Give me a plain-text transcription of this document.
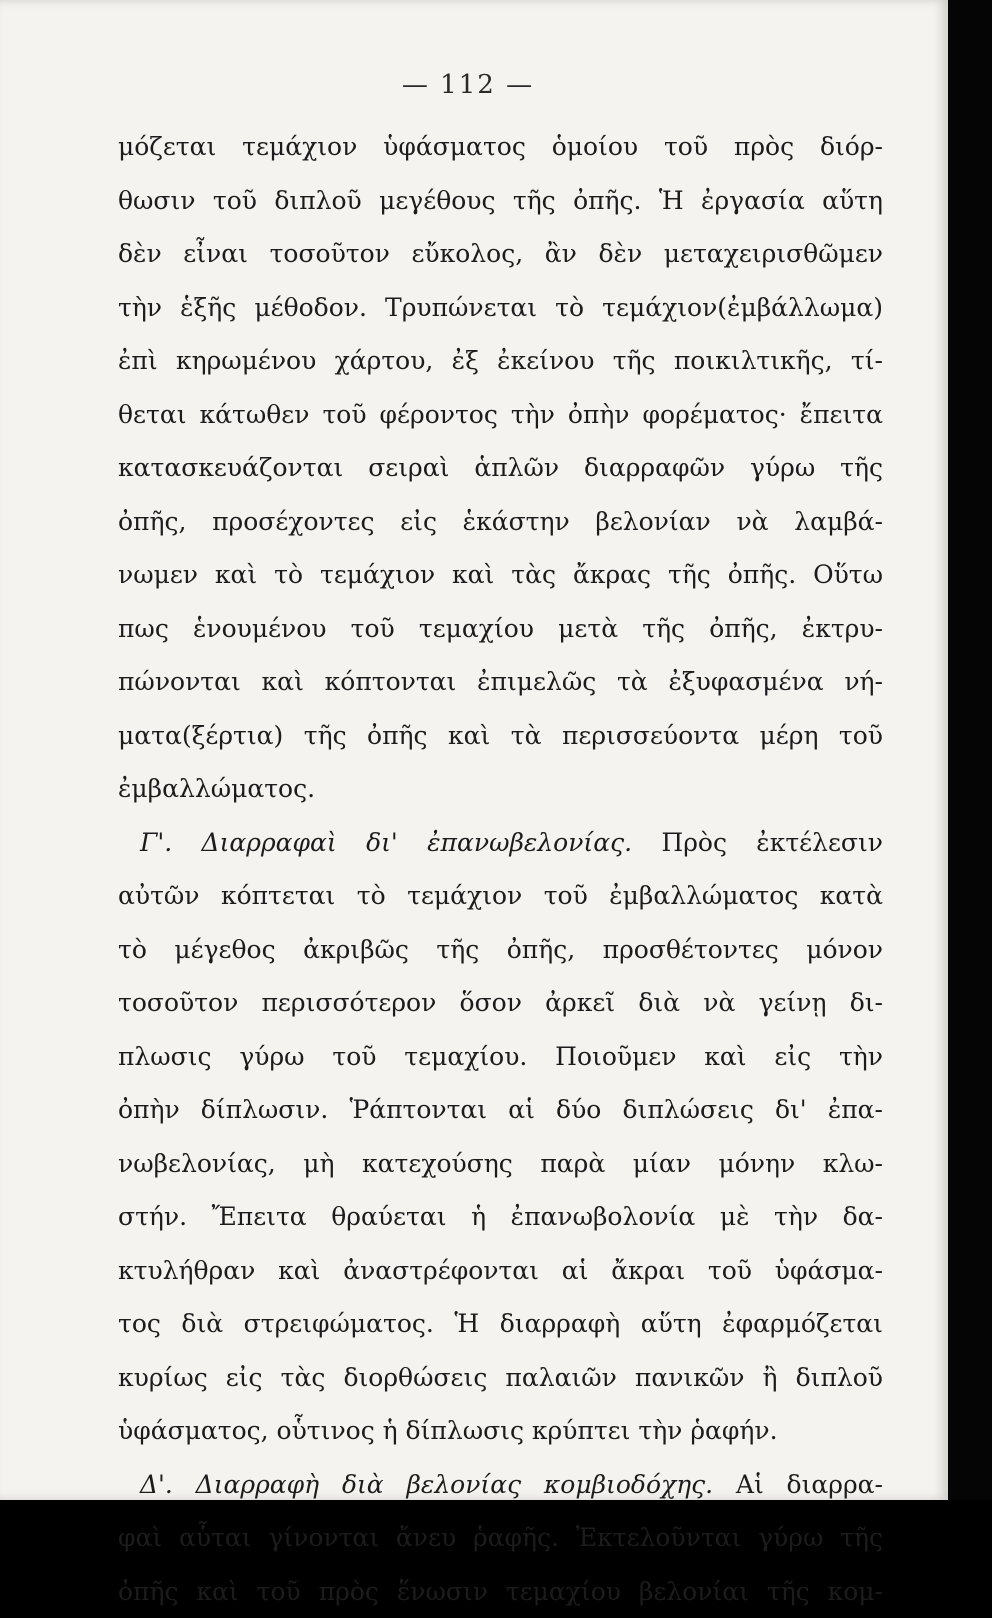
— 112 —
μόζεται τεμάχιον ὑφάσματος ὁμοίου τοῦ πρὸς διόρ-
θωσιν τοῦ διπλοῦ μεγέθους τῆς ὀπῆς. Ἡ ἐργασία αὕτη
δὲν εἶναι τοσοῦτον εὔκολος, ἂν δὲν μεταχειρισθῶμεν
τὴν ἑξῆς μέθοδον. Τρυπώνεται τὸ τεμάχιον(ἐμβάλλωμα)
ἐπὶ κηρωμένου χάρτου, ἐξ ἐκείνου τῆς ποικιλτικῆς, τί-
θεται κάτωθεν τοῦ φέροντος τὴν ὀπὴν φορέματος· ἔπειτα
κατασκευάζονται σειραὶ ἁπλῶν διαρραφῶν γύρω τῆς
ὀπῆς, προσέχοντες εἰς ἑκάστην βελονίαν νὰ λαμβά-
νωμεν καὶ τὸ τεμάχιον καὶ τὰς ἄκρας τῆς ὀπῆς. Οὕτω
πως ἑνουμένου τοῦ τεμαχίου μετὰ τῆς ὀπῆς, ἐκτρυ-
πώνονται καὶ κόπτονται ἐπιμελῶς τὰ ἐξυφασμένα νή-
ματα(ξέρτια) τῆς ὀπῆς καὶ τὰ περισσεύοντα μέρη τοῦ
ἐμβαλλώματος.
Γ'. Διαρραφαὶ δι' ἐπανωβελονίας. Πρὸς ἐκτέλεσιν
αὐτῶν κόπτεται τὸ τεμάχιον τοῦ ἐμβαλλώματος κατὰ
τὸ μέγεθος ἀκριβῶς τῆς ὀπῆς, προσθέτοντες μόνον
τοσοῦτον περισσότερον ὅσον ἀρκεῖ διὰ νὰ γείνῃ δι-
πλωσις γύρω τοῦ τεμαχίου. Ποιοῦμεν καὶ εἰς τὴν
ὀπὴν δίπλωσιν. Ῥάπτονται αἱ δύο διπλώσεις δι' ἐπα-
νωβελονίας, μὴ κατεχούσης παρὰ μίαν μόνην κλω-
στήν. Ἔπειτα θραύεται ἡ ἐπανωβολονία μὲ τὴν δα-
κτυλήθραν καὶ ἀναστρέφονται αἱ ἄκραι τοῦ ὑφάσμα-
τος διὰ στρειφώματος. Ἡ διαρραφὴ αὕτη ἐφαρμόζεται
κυρίως εἰς τὰς διορθώσεις παλαιῶν πανικῶν ἢ διπλοῦ
ὑφάσματος, οὗτινος ἡ δίπλωσις κρύπτει τὴν ῥαφήν.
Δ'. Διαρραφὴ διὰ βελονίας κομβιοδόχης. Αἱ διαρρα-
φαὶ αὗται γίνονται ἄνευ ῥαφῆς. Ἐκτελοῦνται γύρω τῆς
ὀπῆς καὶ τοῦ πρὸς ἕνωσιν τεμαχίου βελονίαι τῆς κομ-
